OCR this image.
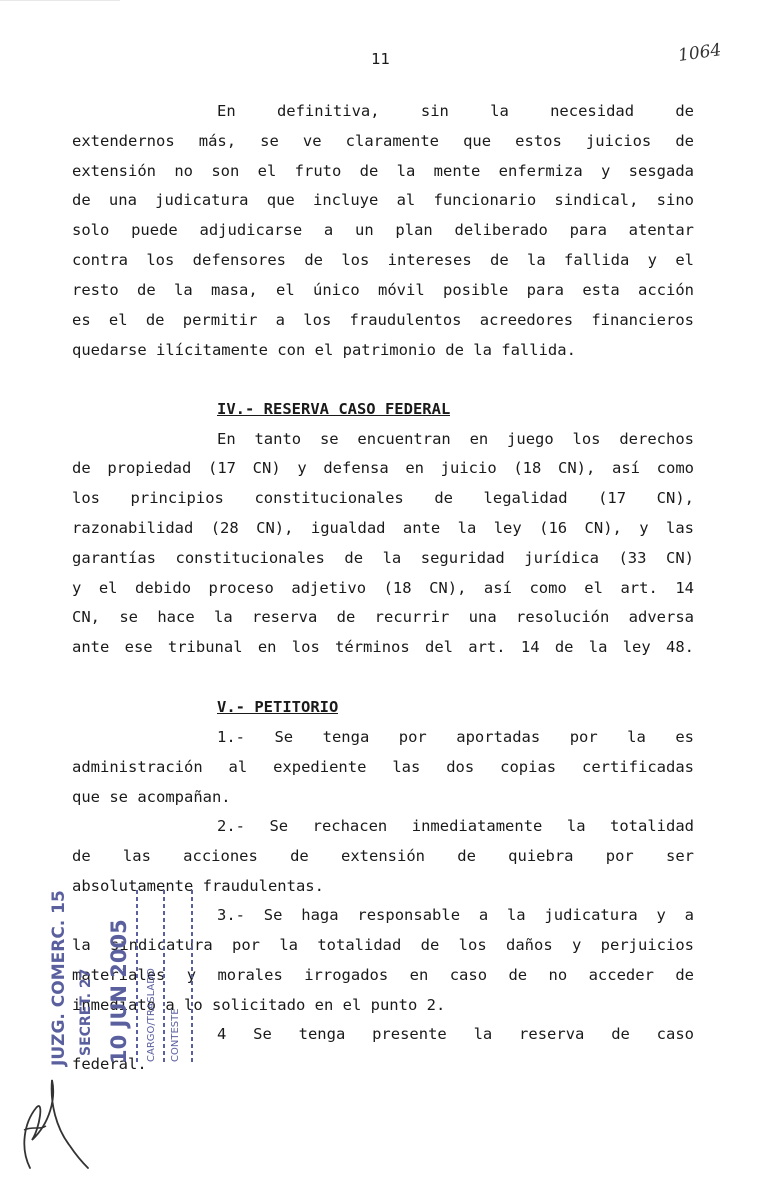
11	1064
En definitiva, sin la necesidad de
extendernos más, se ve claramente que estos juicios de
extensión no son el fruto de la mente enfermiza y sesgada
de una judicatura que incluye al funcionario sindical, sino
solo puede adjudicarse a un plan deliberado para atentar
contra los defensores de los intereses de la fallida y el
resto de la masa, el único móvil posible para esta acción
es el de permitir a los fraudulentos acreedores financieros
quedarse ilícitamente con el patrimonio de la fallida.
IV.- RESERVA CASO FEDERAL
En tanto se encuentran en juego los derechos
de propiedad (17 CN) y defensa en juicio (18 CN), así como
los principios constitucionales de legalidad (17 CN),
razonabilidad (28 CN), igualdad ante la ley (16 CN), y las
garantías constitucionales de la seguridad jurídica (33 CN)
y el debido proceso adjetivo (18 CN), así como el art. 14
CN, se hace la reserva de recurrir una resolución adversa
ante ese tribunal en los términos del art. 14 de la ley 48.
V.- PETITORIO
1.- Se tenga por aportadas por la es
administración al expediente las dos copias certificadas
que se acompañan.
2.- Se rechacen inmediatamente la totalidad
de las acciones de extensión de quiebra por ser
absolutamente fraudulentas.
3.- Se haga responsable a la judicatura y a
la sindicatura por la totalidad de los daños y perjuicios
materiales y morales irrogados en caso de no acceder de
inmediato a lo solicitado en el punto 2.
4 Se tenga presente la reserva de caso
federal.
JUZG. COMERC. 15 SECRET. 27 10 JUN 2005 CARGO/TRASLADO CONTESTE
